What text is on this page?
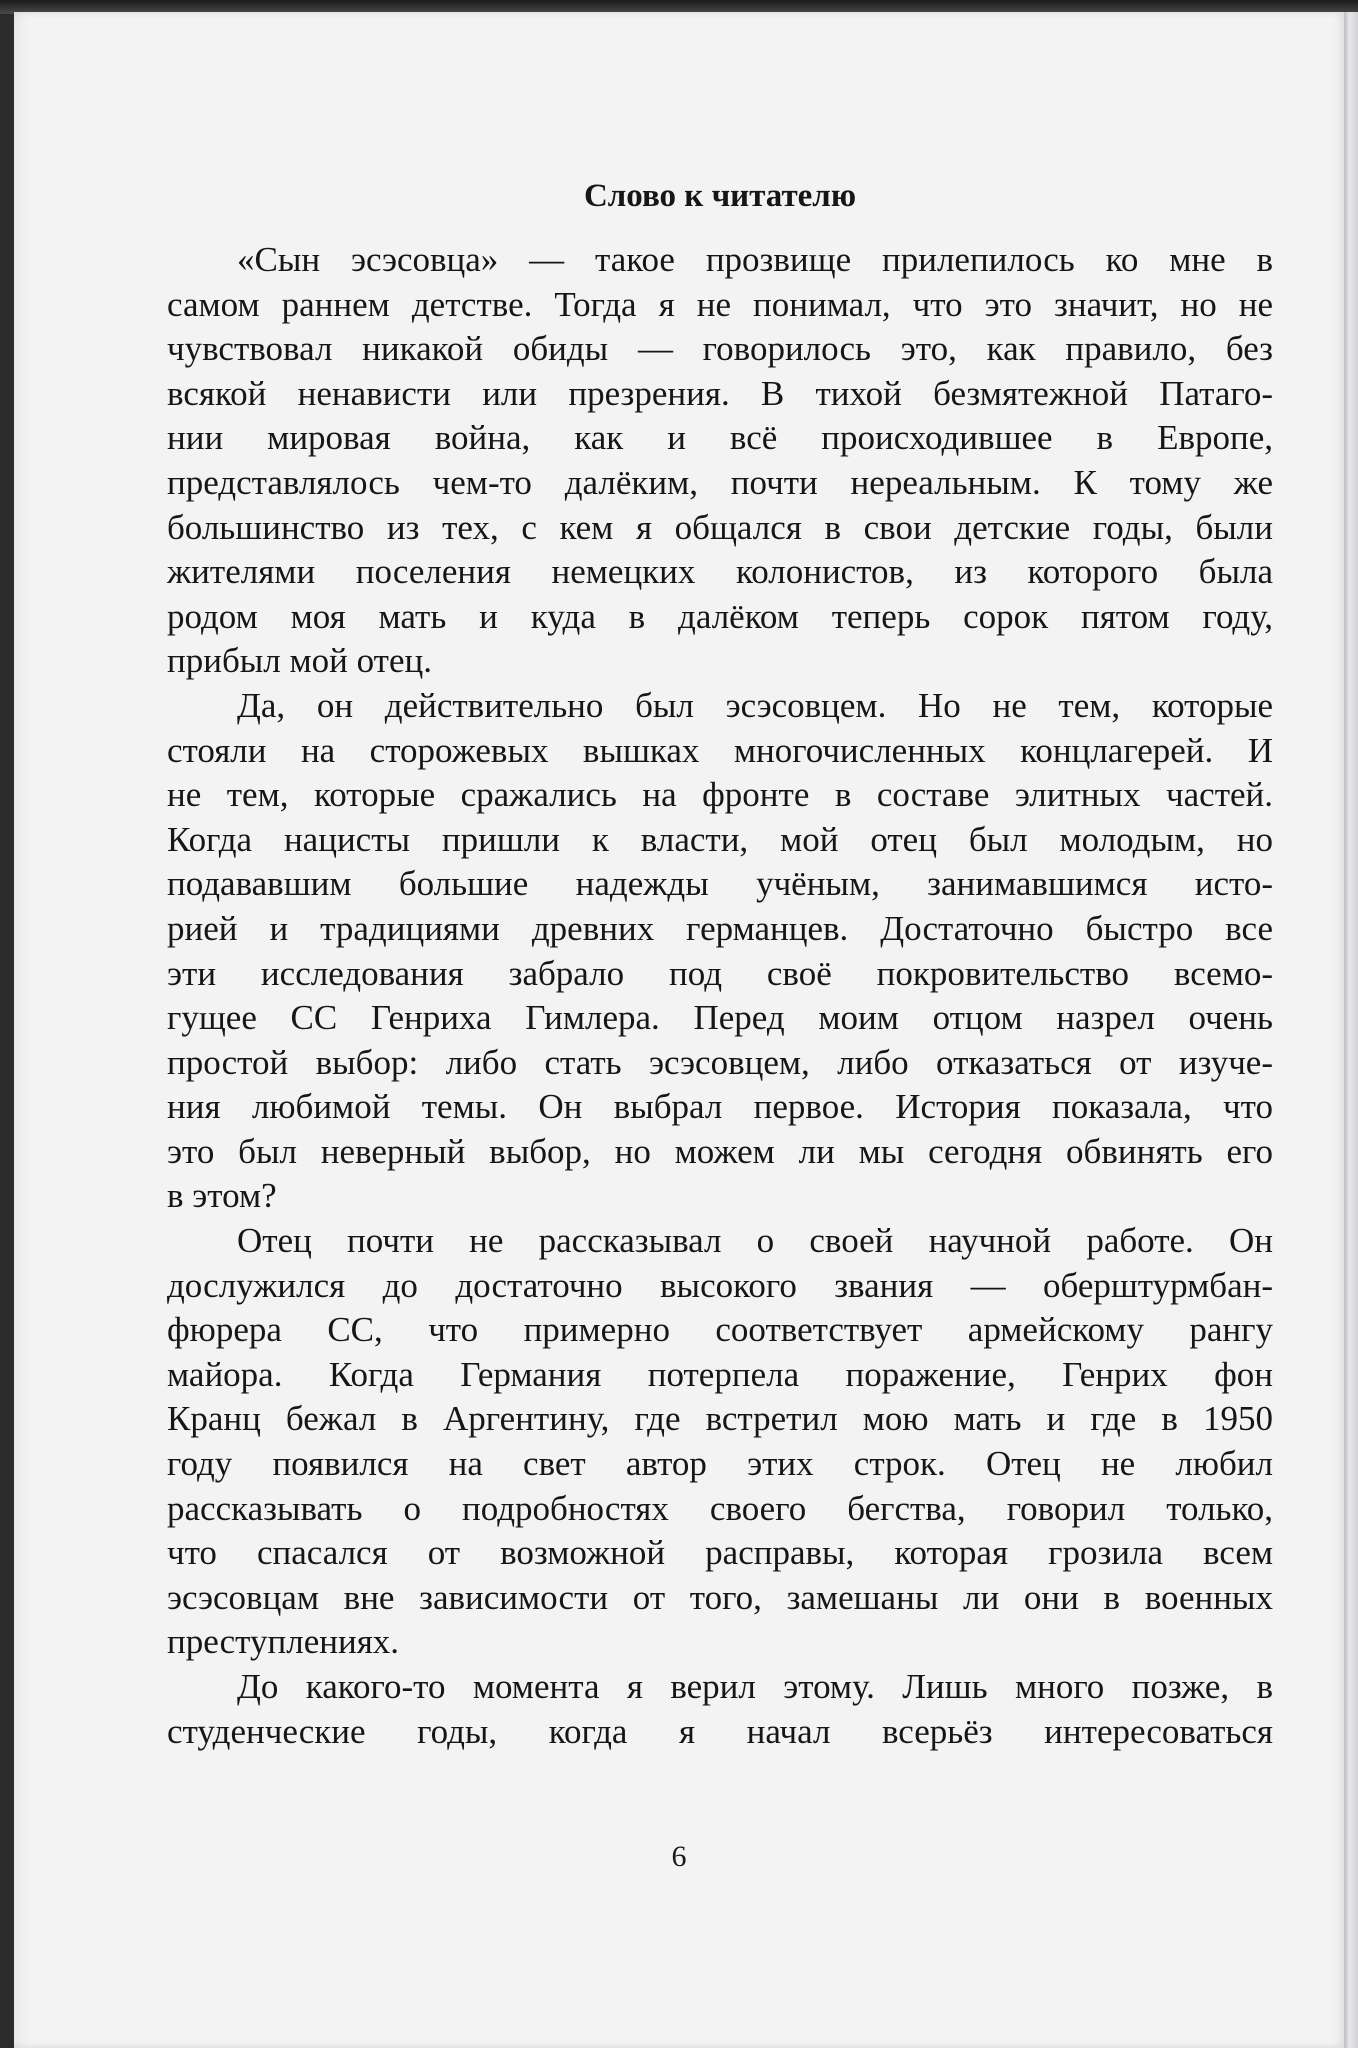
Слово к читателю

«Сын эсэсовца» — такое прозвище прилепилось ко мне в
самом раннем детстве. Тогда я не понимал, что это значит, но не
чувствовал никакой обиды — говорилось это, как правило, без
всякой ненависти или презрения. В тихой безмятежной Патаго-
нии мировая война, как и всё происходившее в Европе,
представлялось чем-то далёким, почти нереальным. К тому же
большинство из тех, с кем я общался в свои детские годы, были
жителями поселения немецких колонистов, из которого была
родом моя мать и куда в далёком теперь сорок пятом году,
прибыл мой отец.

Да, он действительно был эсэсовцем. Но не тем, которые
стояли на сторожевых вышках многочисленных концлагерей. И
не тем, которые сражались на фронте в составе элитных частей.
Когда нацисты пришли к власти, мой отец был молодым, но
подававшим большие надежды учёным, занимавшимся исто-
рией и традициями древних германцев. Достаточно быстро все
эти исследования забрало под своё покровительство всемо-
гущее СС Генриха Гимлера. Перед моим отцом назрел очень
простой выбор: либо стать эсэсовцем, либо отказаться от изуче-
ния любимой темы. Он выбрал первое. История показала, что
это был неверный выбор, но можем ли мы сегодня обвинять его
в этом?

Отец почти не рассказывал о своей научной работе. Он
дослужился до достаточно высокого звания — оберштурмбан-
фюрера СС, что примерно соответствует армейскому рангу
майора. Когда Германия потерпела поражение, Генрих фон
Кранц бежал в Аргентину, где встретил мою мать и где в 1950
году появился на свет автор этих строк. Отец не любил
рассказывать о подробностях своего бегства, говорил только,
что спасался от возможной расправы, которая грозила всем
эсэсовцам вне зависимости от того, замешаны ли они в военных
преступлениях.

До какого-то момента я верил этому. Лишь много позже, в
студенческие годы, когда я начал всерьёз интересоваться

6
